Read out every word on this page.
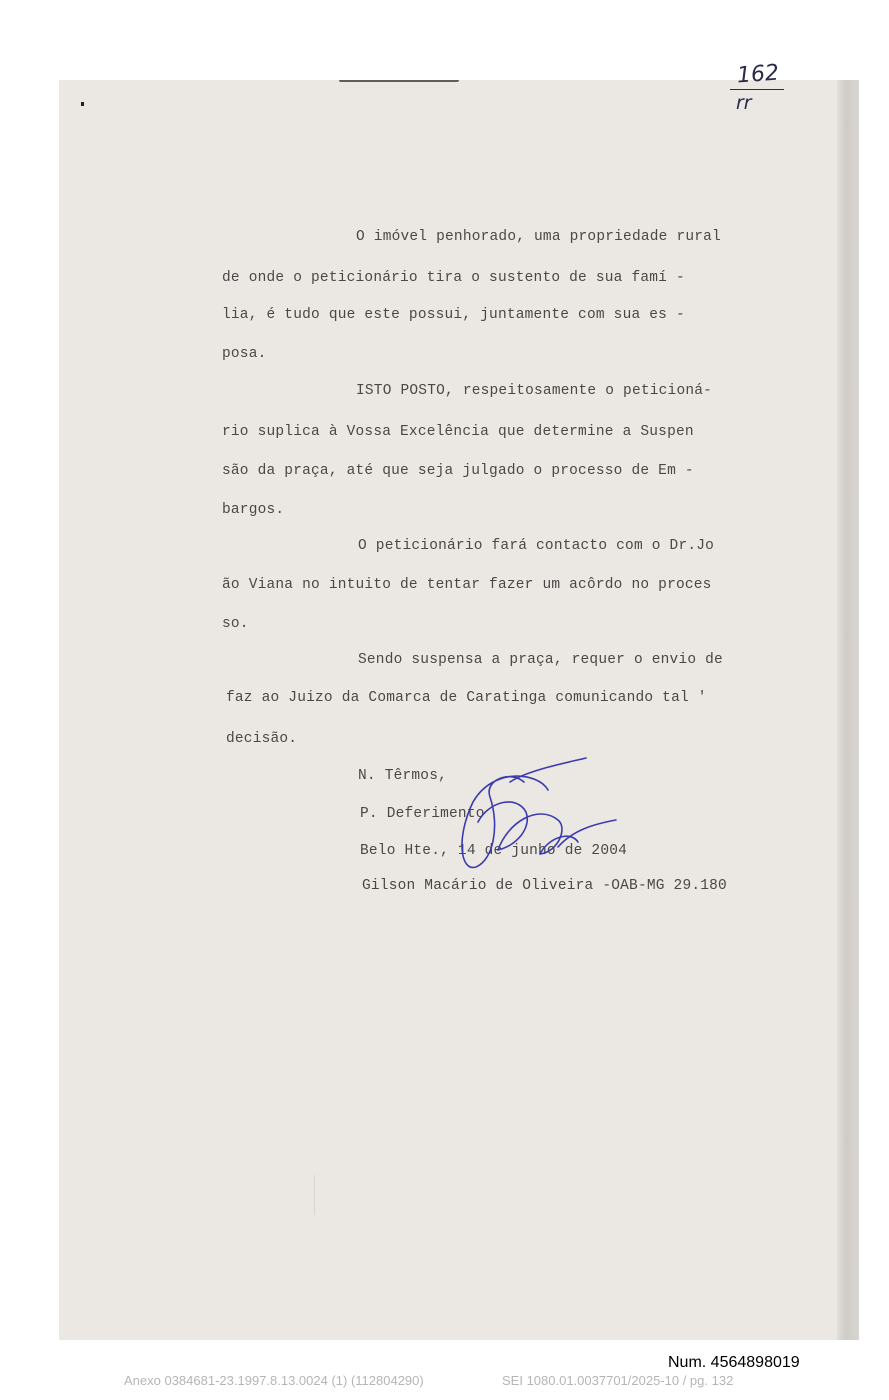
162
rr
O imóvel penhorado, uma propriedade rural
de onde o peticionário tira o sustento de sua famí -
lia, é tudo que este possui, juntamente com sua es -
posa.
ISTO POSTO, respeitosamente o peticioná-
rio suplica à Vossa Excelência que determine a Suspen
são da praça, até que seja julgado o processo de Em -
bargos.
O peticionário fará contacto com o Dr.Jo
ão Viana no intuito de tentar fazer um acôrdo no proces
so.
Sendo suspensa a praça, requer o envio de
faz ao Juizo da Comarca de Caratinga comunicando tal '
decisão.
N. Têrmos,
P. Deferimento
Belo Hte., 14 de junho de 2004
Gilson Macário de Oliveira -OAB-MG 29.180
Num. 4564898019
Anexo 0384681-23.1997.8.13.0024 (1) (112804290)	SEI 1080.01.0037701/2025-10 / pg. 132
